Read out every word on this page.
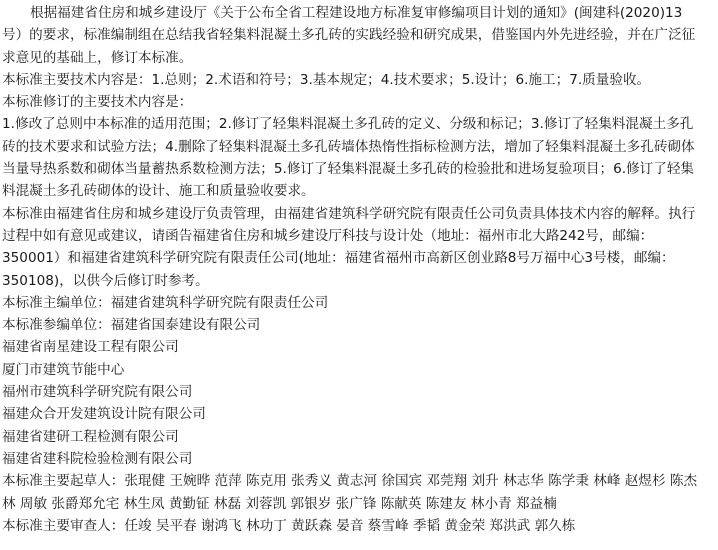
根据福建省住房和城乡建设厅《关于公布全省工程建设地方标准复审修编项目计划的通知》(闽建科(2020)13
号）的要求，标准编制组在总结我省轻集料混凝土多孔砖的实践经验和研究成果，借鉴国内外先进经验，并在广泛征
求意见的基础上，修订本标准。
本标准主要技术内容是：1.总则；2.术语和符号；3.基本规定；4.技术要求；5.设计；6.施工；7.质量验收。
本标准修订的主要技术内容是：
1.修改了总则中本标准的适用范围；2.修订了轻集料混凝土多孔砖的定义、分级和标记；3.修订了轻集料混凝土多孔
砖的技术要求和试验方法；4.删除了轻集料混凝土多孔砖墙体热惰性指标检测方法，增加了轻集料混凝土多孔砖砌体
当量导热系数和砌体当量蓄热系数检测方法；5.修订了轻集料混凝土多孔砖的检验批和进场复验项目；6.修订了轻集
料混凝土多孔砖砌体的设计、施工和质量验收要求。
本标准由福建省住房和城乡建设厅负责管理，由福建省建筑科学研究院有限责任公司负责具体技术内容的解释。执行
过程中如有意见或建议，请函告福建省住房和城乡建设厅科技与设计处（地址：福州市北大路242号，邮编：
350001）和福建省建筑科学研究院有限责任公司(地址：福建省福州市高新区创业路8号万福中心3号楼，邮编：
350108)，以供今后修订时参考。
本标准主编单位：福建省建筑科学研究院有限责任公司
本标准参编单位：福建省国泰建设有限公司
福建省南星建设工程有限公司
厦门市建筑节能中心
福州市建筑科学研究院有限公司
福建众合开发建筑设计院有限公司
福建省建研工程检测有限公司
福建省建科院检验检测有限公司
本标准主要起草人：张琨健 王婉晔 范萍 陈克用 张秀义 黄志河 徐国宾 邓莞翔 刘升 林志华 陈学秉 林峰 赵煜杉 陈杰
林 周敏 张爵郑允宅 林生凤 黄勤钲 林磊 刘蓉凯 郭银岁 张广锋 陈献英 陈建友 林小青 郑益楠
本标准主要审查人：任竣 吴平春 谢鸿飞 林功丁 黄跃森 晏音 蔡雪峰 季韬 黄金荣 郑洪武 郭久栋
